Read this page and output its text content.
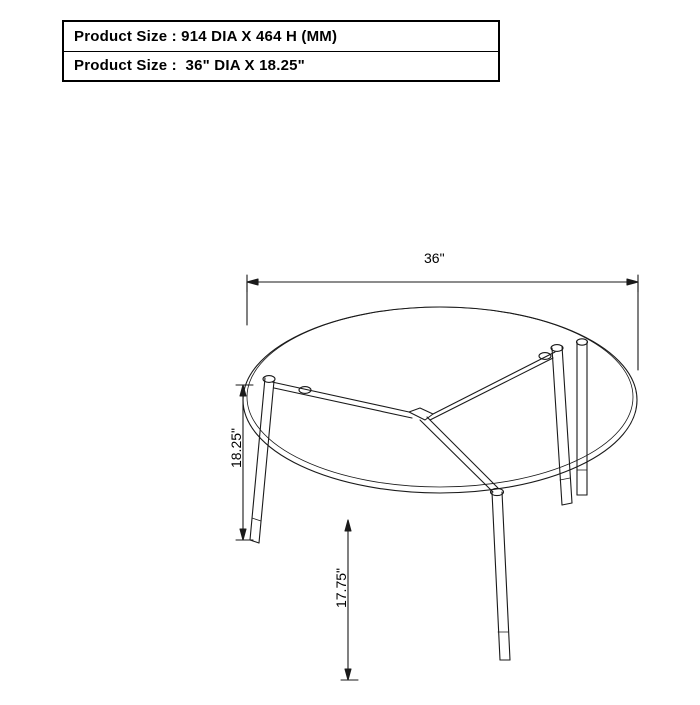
Product Size : 914 DIA X 464 H (MM)
Product Size :  36" DIA X 18.25"
36"
18.25"
17.75"
